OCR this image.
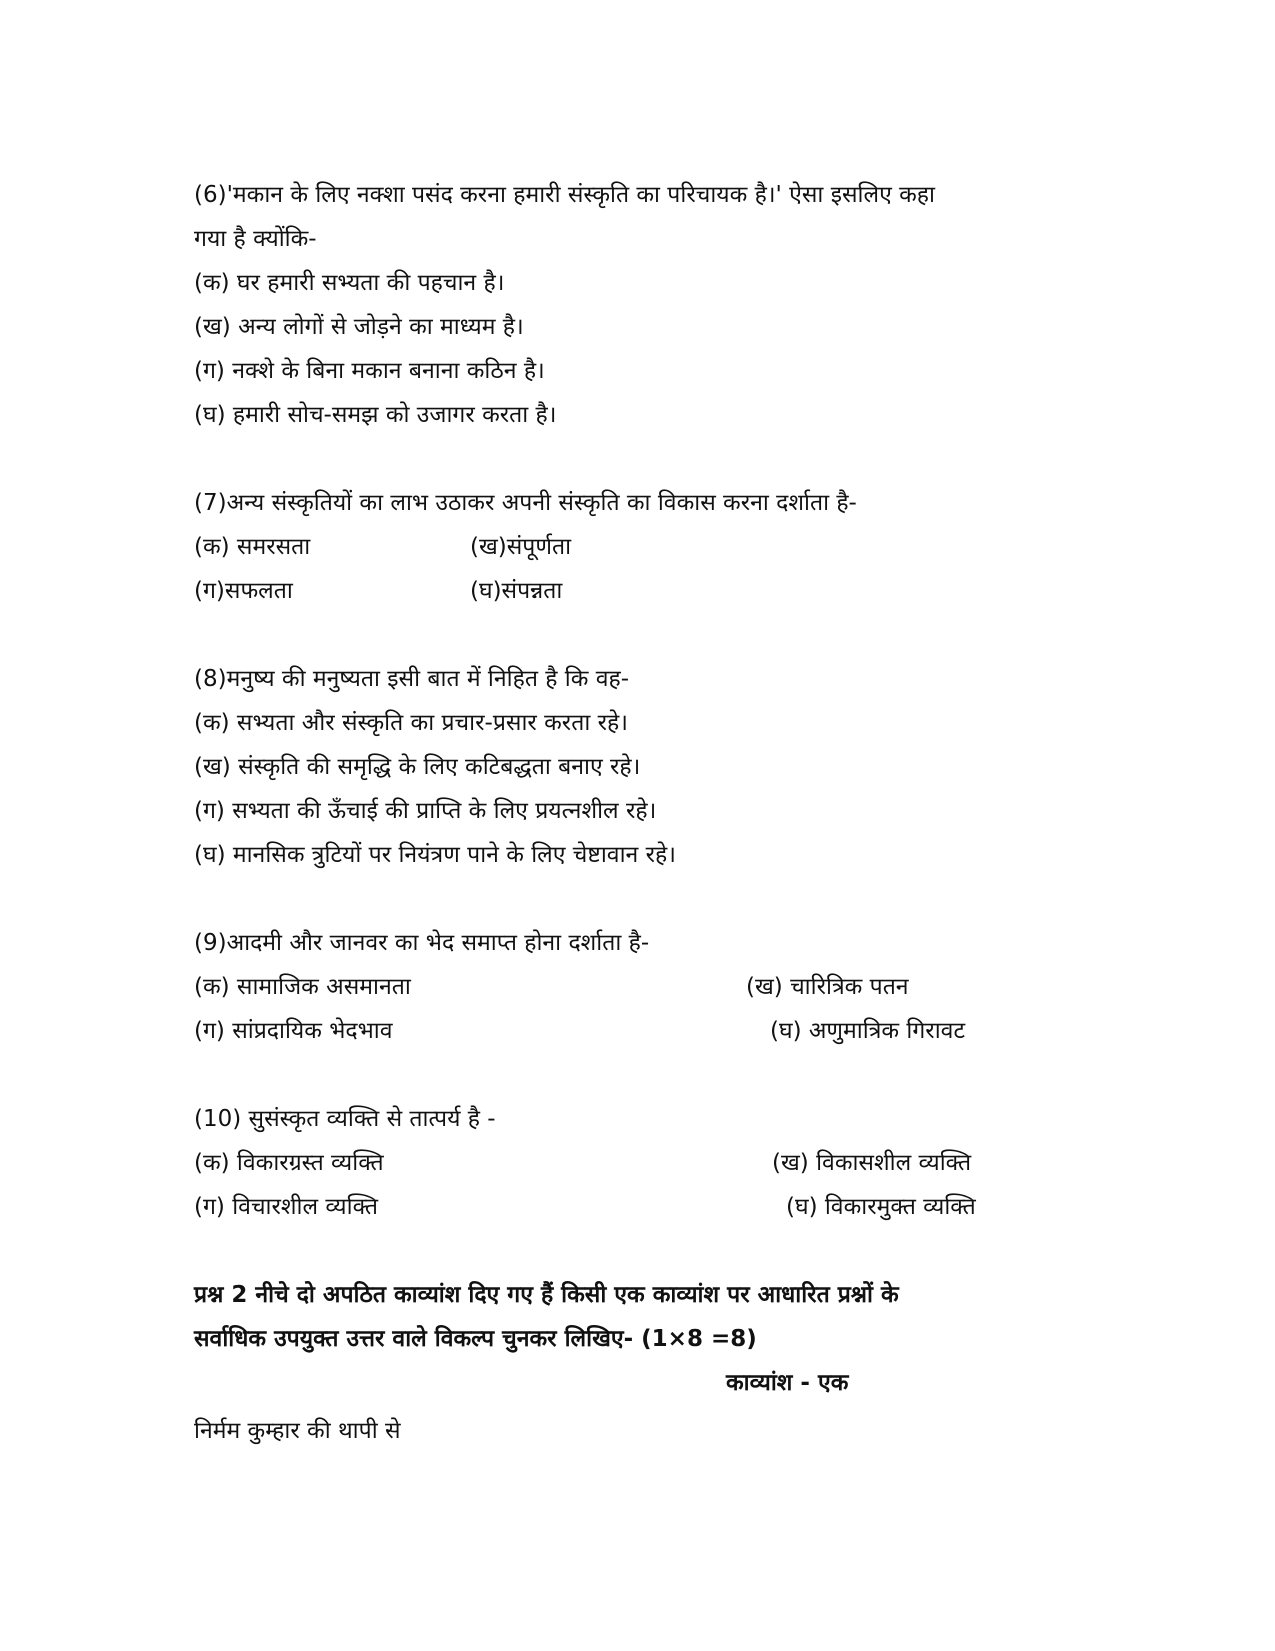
(6)'मकान के लिए नक्शा पसंद करना हमारी संस्कृति का परिचायक है।' ऐसा इसलिए कहा
गया है क्योंकि-
(क) घर हमारी सभ्यता की पहचान है।
(ख) अन्य लोगों से जोड़ने का माध्यम है।
(ग) नक्शे के बिना मकान बनाना कठिन है।
(घ) हमारी सोच-समझ को उजागर करता है।
(7)अन्य संस्कृतियों का लाभ उठाकर अपनी संस्कृति का विकास करना दर्शाता है-
(क) समरसता	(ख)संपूर्णता
(ग)सफलता	(घ)संपन्नता
(8)मनुष्य की मनुष्यता इसी बात में निहित है कि वह-
(क) सभ्यता और संस्कृति का प्रचार-प्रसार करता रहे।
(ख) संस्कृति की समृद्धि के लिए कटिबद्धता बनाए रहे।
(ग) सभ्यता की ऊँचाई की प्राप्ति के लिए प्रयत्नशील रहे।
(घ) मानसिक त्रुटियों पर नियंत्रण पाने के लिए चेष्टावान रहे।
(9)आदमी और जानवर का भेद समाप्त होना दर्शाता है-
(क) सामाजिक असमानता	(ख) चारित्रिक पतन
(ग) सांप्रदायिक भेदभाव	(घ) अणुमात्रिक गिरावट
(10) सुसंस्कृत व्यक्ति से तात्पर्य है -
(क) विकारग्रस्त व्यक्ति	(ख) विकासशील व्यक्ति
(ग) विचारशील व्यक्ति	(घ) विकारमुक्त व्यक्ति
प्रश्न 2 नीचे दो अपठित काव्यांश दिए गए हैं किसी एक काव्यांश पर आधारित प्रश्नों के
सर्वाधिक उपयुक्त उत्तर वाले विकल्प चुनकर लिखिए- (1×8 =8)
काव्यांश - एक
निर्मम कुम्हार की थापी से
